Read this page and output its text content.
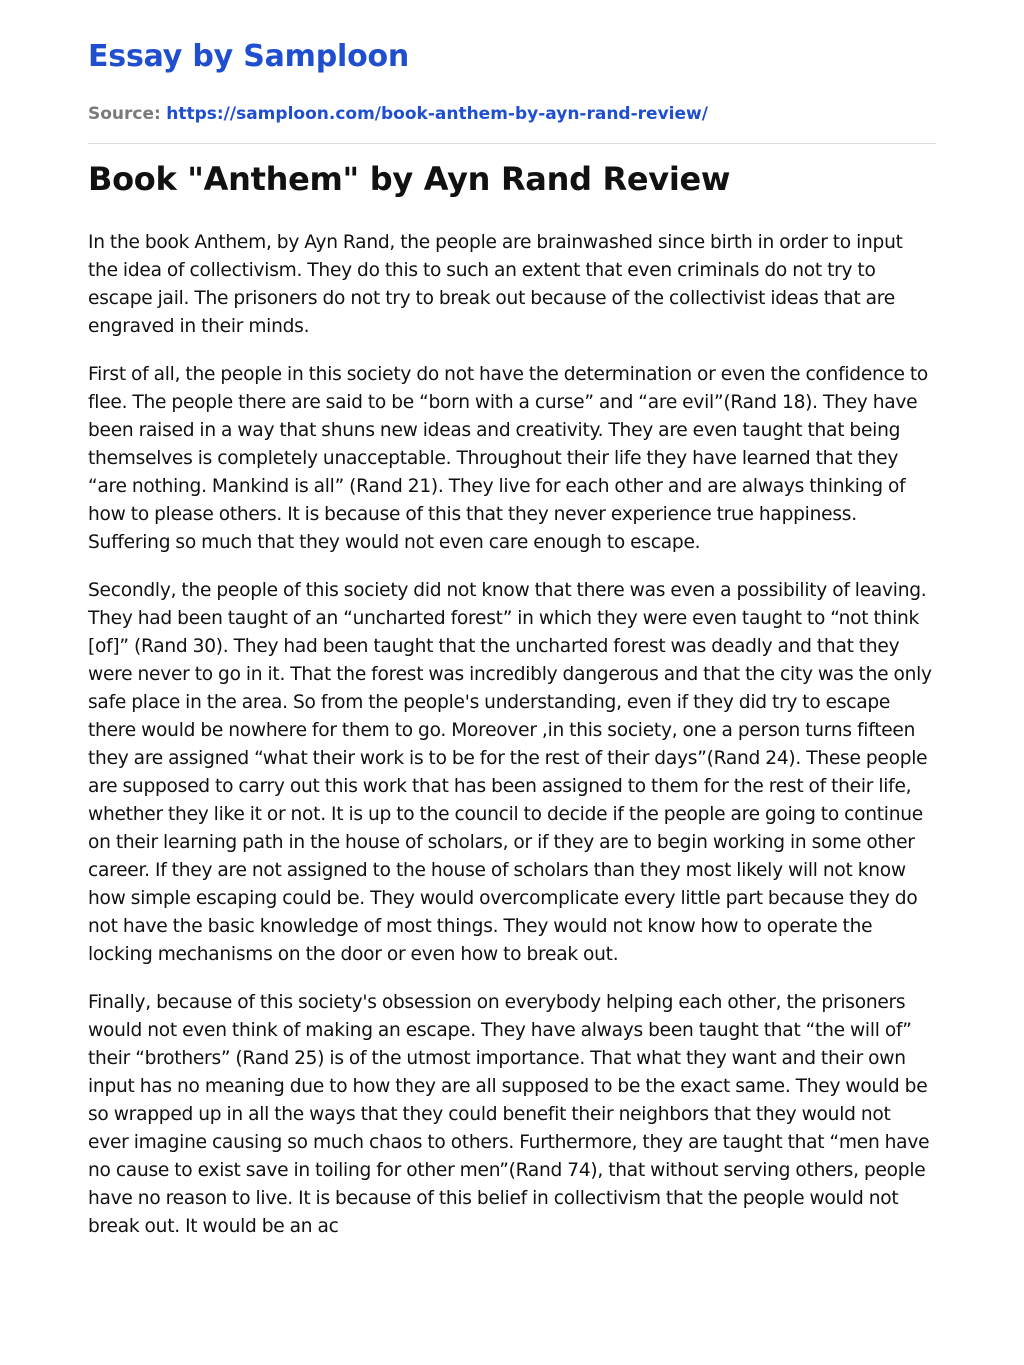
Essay by Samploon
Source: https://samploon.com/book-anthem-by-ayn-rand-review/
Book "Anthem" by Ayn Rand Review

In the book Anthem, by Ayn Rand, the people are brainwashed since birth in order to input the idea of collectivism. They do this to such an extent that even criminals do not try to escape jail. The prisoners do not try to break out because of the collectivist ideas that are engraved in their minds.

First of all, the people in this society do not have the determination or even the confidence to flee. The people there are said to be “born with a curse” and “are evil”(Rand 18). They have been raised in a way that shuns new ideas and creativity. They are even taught that being themselves is completely unacceptable. Throughout their life they have learned that they “are nothing. Mankind is all” (Rand 21). They live for each other and are always thinking of how to please others. It is because of this that they never experience true happiness. Suffering so much that they would not even care enough to escape.

Secondly, the people of this society did not know that there was even a possibility of leaving. They had been taught of an “uncharted forest” in which they were even taught to “not think [of]” (Rand 30). They had been taught that the uncharted forest was deadly and that they were never to go in it. That the forest was incredibly dangerous and that the city was the only safe place in the area. So from the people's understanding, even if they did try to escape there would be nowhere for them to go. Moreover ,in this society, one a person turns fifteen they are assigned “what their work is to be for the rest of their days”(Rand 24). These people are supposed to carry out this work that has been assigned to them for the rest of their life, whether they like it or not. It is up to the council to decide if the people are going to continue on their learning path in the house of scholars, or if they are to begin working in some other career. If they are not assigned to the house of scholars than they most likely will not know how simple escaping could be. They would overcomplicate every little part because they do not have the basic knowledge of most things. They would not know how to operate the locking mechanisms on the door or even how to break out.

Finally, because of this society's obsession on everybody helping each other, the prisoners would not even think of making an escape. They have always been taught that “the will of” their “brothers” (Rand 25) is of the utmost importance. That what they want and their own input has no meaning due to how they are all supposed to be the exact same. They would be so wrapped up in all the ways that they could benefit their neighbors that they would not ever imagine causing so much chaos to others. Furthermore, they are taught that “men have no cause to exist save in toiling for other men”(Rand 74), that without serving others, people have no reason to live. It is because of this belief in collectivism that the people would not break out. It would be an ac
